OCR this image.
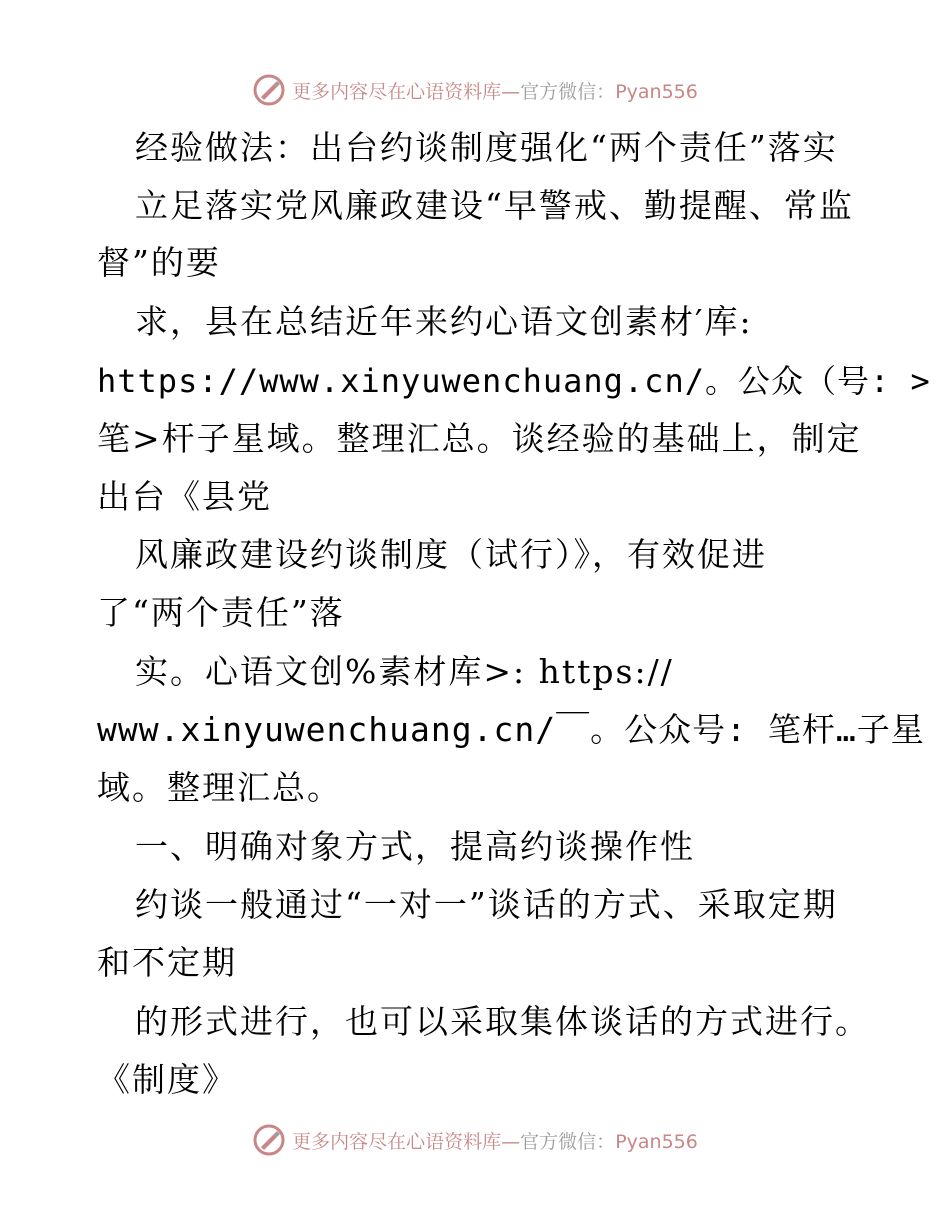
更多内容尽在心语资料库—官方微信：Pyan556
经验做法：出台约谈制度强化“两个责任”落实
立足落实党风廉政建设“早警戒、勤提醒、常监
督”的要
求，县在总结近年来约心语文创素材′库:
https://www.xinyuwenchuang.cn/。公众（号: >
笔>杆子星域。整理汇总。谈经验的基础上，制定
出台《县党
风廉政建设约谈制度（试行）》，有效促进
了“两个责任”落
实。心语文创%素材库>: https://
www.xinyuwenchuang.cn/￣。公众号: 笔杆…子星
域。整理汇总。
一、明确对象方式，提高约谈操作性
约谈一般通过“一对一”谈话的方式、采取定期
和不定期
的形式进行，也可以采取集体谈话的方式进行。
《制度》
更多内容尽在心语资料库—官方微信：Pyan556
